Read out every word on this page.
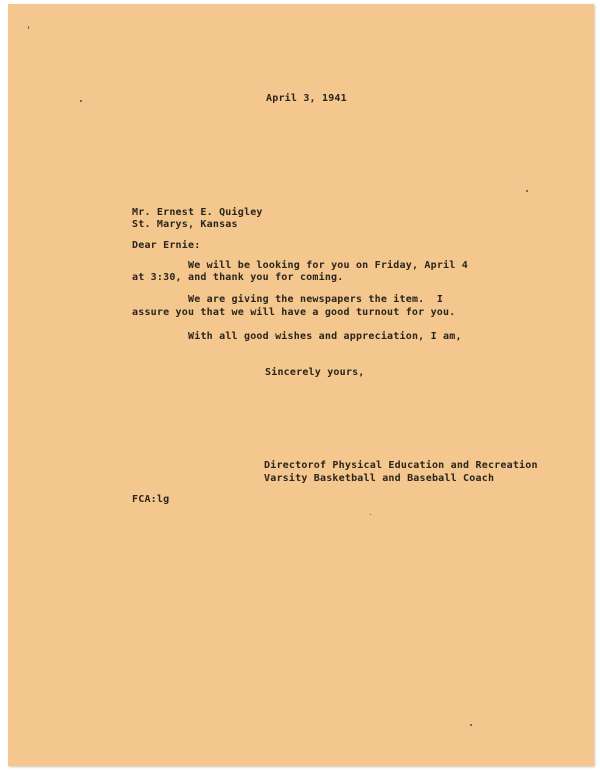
April 3, 1941
Mr. Ernest E. Quigley
St. Marys, Kansas
Dear Ernie:
We will be looking for you on Friday, April 4
at 3:30, and thank you for coming.
We are giving the newspapers the item.  I
assure you that we will have a good turnout for you.
With all good wishes and appreciation, I am,
Sincerely yours,
Directorof Physical Education and Recreation
Varsity Basketball and Baseball Coach
FCA:lg
